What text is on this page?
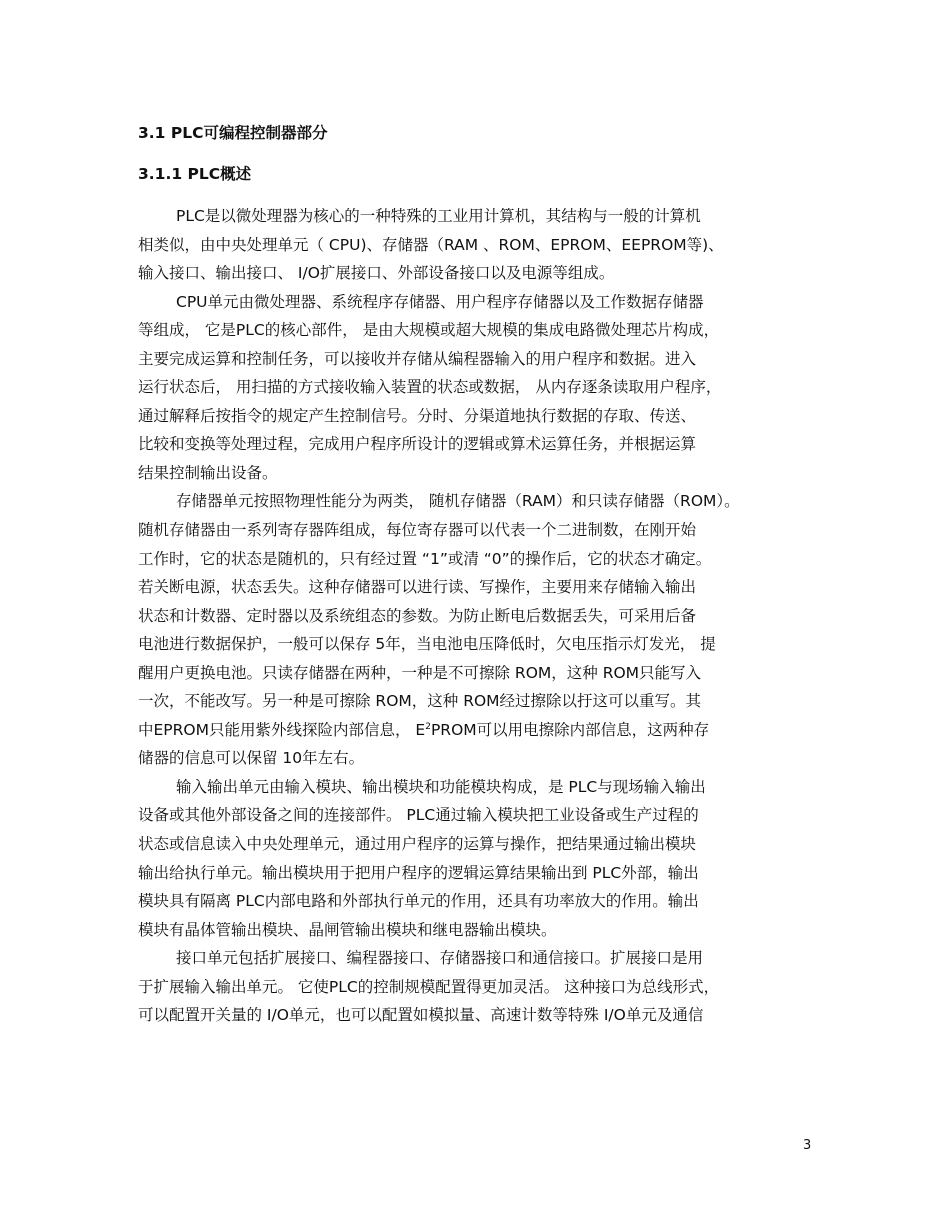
3.1 PLC可编程控制器部分
3.1.1 PLC概述
PLC是以微处理器为核心的一种特殊的工业用计算机，其结构与一般的计算机
相类似，由中央处理单元（ CPU)、存储器（RAM 、ROM、EPROM、EEPROM等)、
输入接口、输出接口、 I/O扩展接口、外部设备接口以及电源等组成。
CPU单元由微处理器、系统程序存储器、用户程序存储器以及工作数据存储器
等组成， 它是PLC的核心部件， 是由大规模或超大规模的集成电路微处理芯片构成，
主要完成运算和控制任务，可以接收并存储从编程器输入的用户程序和数据。进入
运行状态后， 用扫描的方式接收输入装置的状态或数据， 从内存逐条读取用户程序，
通过解释后按指令的规定产生控制信号。分时、分渠道地执行数据的存取、传送、
比较和变换等处理过程，完成用户程序所设计的逻辑或算术运算任务，并根据运算
结果控制输出设备。
存储器单元按照物理性能分为两类， 随机存储器（RAM）和只读存储器（ROM）。
随机存储器由一系列寄存器阵组成，每位寄存器可以代表一个二进制数，在刚开始
工作时，它的状态是随机的，只有经过置 “1”或清 “0”的操作后，它的状态才确定。
若关断电源，状态丢失。这种存储器可以进行读、写操作，主要用来存储输入输出
状态和计数器、定时器以及系统组态的参数。为防止断电后数据丢失，可采用后备
电池进行数据保护，一般可以保存 5年，当电池电压降低时，欠电压指示灯发光， 提
醒用户更换电池。只读存储器在两种，一种是不可擦除 ROM，这种 ROM只能写入
一次，不能改写。另一种是可擦除 ROM，这种 ROM经过擦除以扜这可以重写。其
中EPROM只能用紫外线探险内部信息， $E^2PROM$可以用电擦除内部信息，这两种存
储器的信息可以保留 10年左右。
输入输出单元由输入模块、输出模块和功能模块构成，是 PLC与现场输入输出
设备或其他外部设备之间的连接部件。 PLC通过输入模块把工业设备或生产过程的
状态或信息读入中央处理单元，通过用户程序的运算与操作，把结果通过输出模块
输出给执行单元。输出模块用于把用户程序的逻辑运算结果输出到 PLC外部，输出
模块具有隔离 PLC内部电路和外部执行单元的作用，还具有功率放大的作用。输出
模块有晶体管输出模块、晶闸管输出模块和继电器输出模块。
接口单元包括扩展接口、编程器接口、存储器接口和通信接口。扩展接口是用
于扩展输入输出单元。 它使PLC的控制规模配置得更加灵活。 这种接口为总线形式，
可以配置开关量的 I/O单元，也可以配置如模拟量、高速计数等特殊 I/O单元及通信
3
